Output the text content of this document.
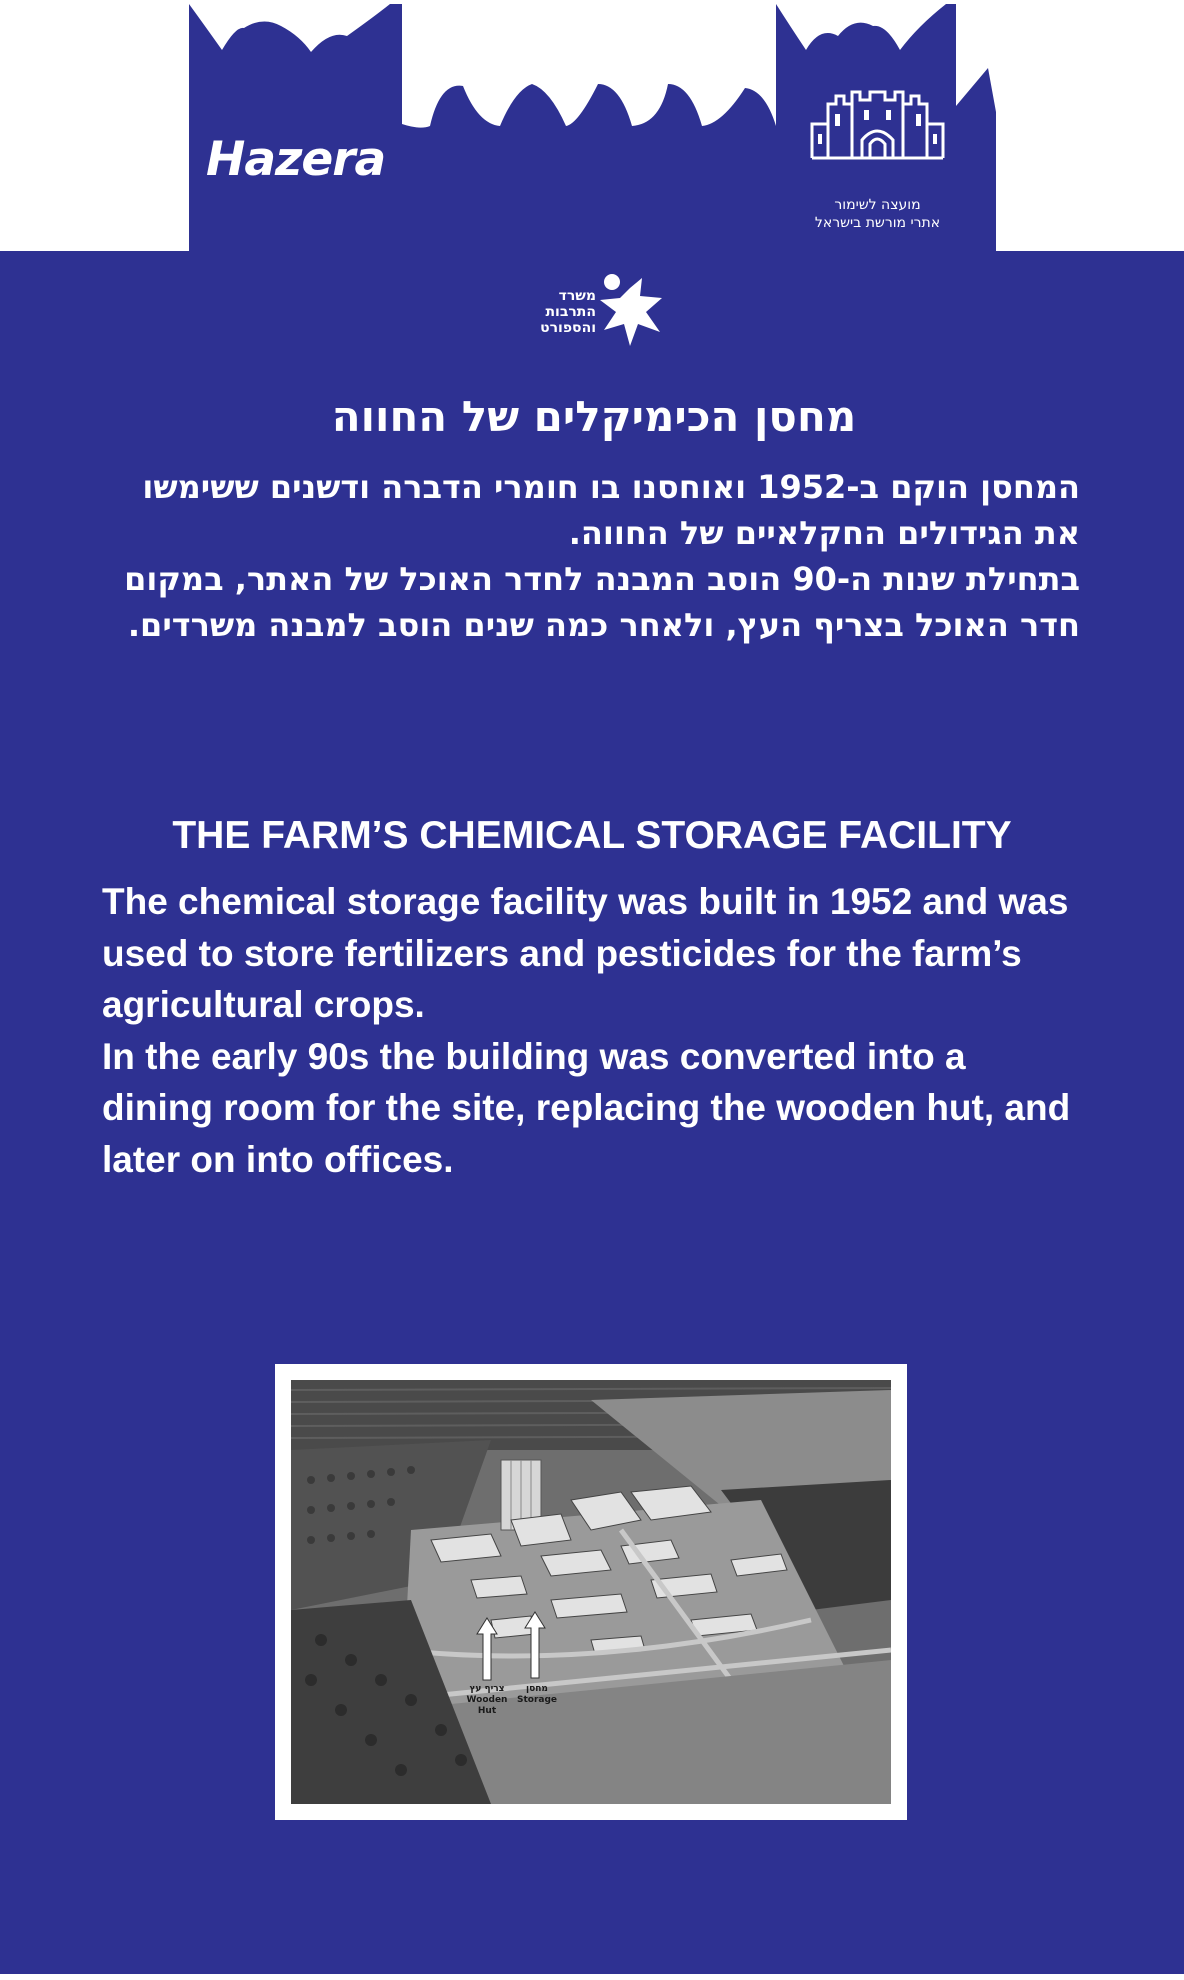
Hazera
מועצה לשימור
אתרי מורשת בישראל
משרד
התרבות
והספורט
מחסן הכימיקלים של החווה

המחסן הוקם ב-1952 ואוחסנו בו חומרי הדברה ודשנים ששימשו את הגידולים החקלאיים של החווה.

בתחילת שנות ה-90 הוסב המבנה לחדר האוכל של האתר, במקום חדר האוכל בצריף העץ, ולאחר כמה שנים הוסב למבנה משרדים.

THE FARM’S CHEMICAL STORAGE FACILITY

The chemical storage facility was built in 1952 and was used to store fertilizers and pesticides for the farm’s agricultural crops.

In the early 90s the building was converted into a dining room for the site, replacing the wooden hut, and later on into offices.

צריף עץ
Wooden Hut
מחסן
Storage
